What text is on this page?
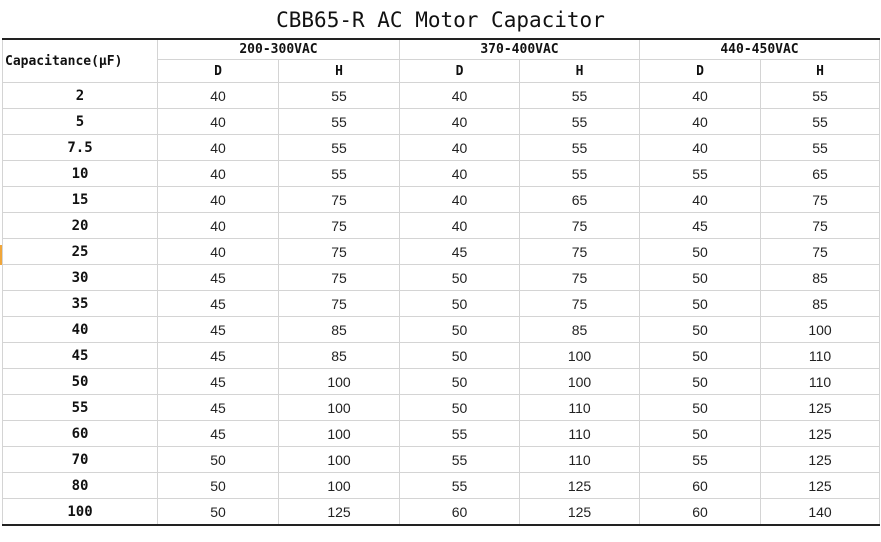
CBB65-R AC Motor Capacitor
Capacitance(μF)	200-300VAC		370-400VAC		440-450VAC	
	D	H	D	H	D	H
2	40	55	40	55	40	55
5	40	55	40	55	40	55
7.5	40	55	40	55	40	55
10	40	55	40	55	55	65
15	40	75	40	65	40	75
20	40	75	40	75	45	75
25	40	75	45	75	50	75
30	45	75	50	75	50	85
35	45	75	50	75	50	85
40	45	85	50	85	50	100
45	45	85	50	100	50	110
50	45	100	50	100	50	110
55	45	100	50	110	50	125
60	45	100	55	110	50	125
70	50	100	55	110	55	125
80	50	100	55	125	60	125
100	50	125	60	125	60	140
